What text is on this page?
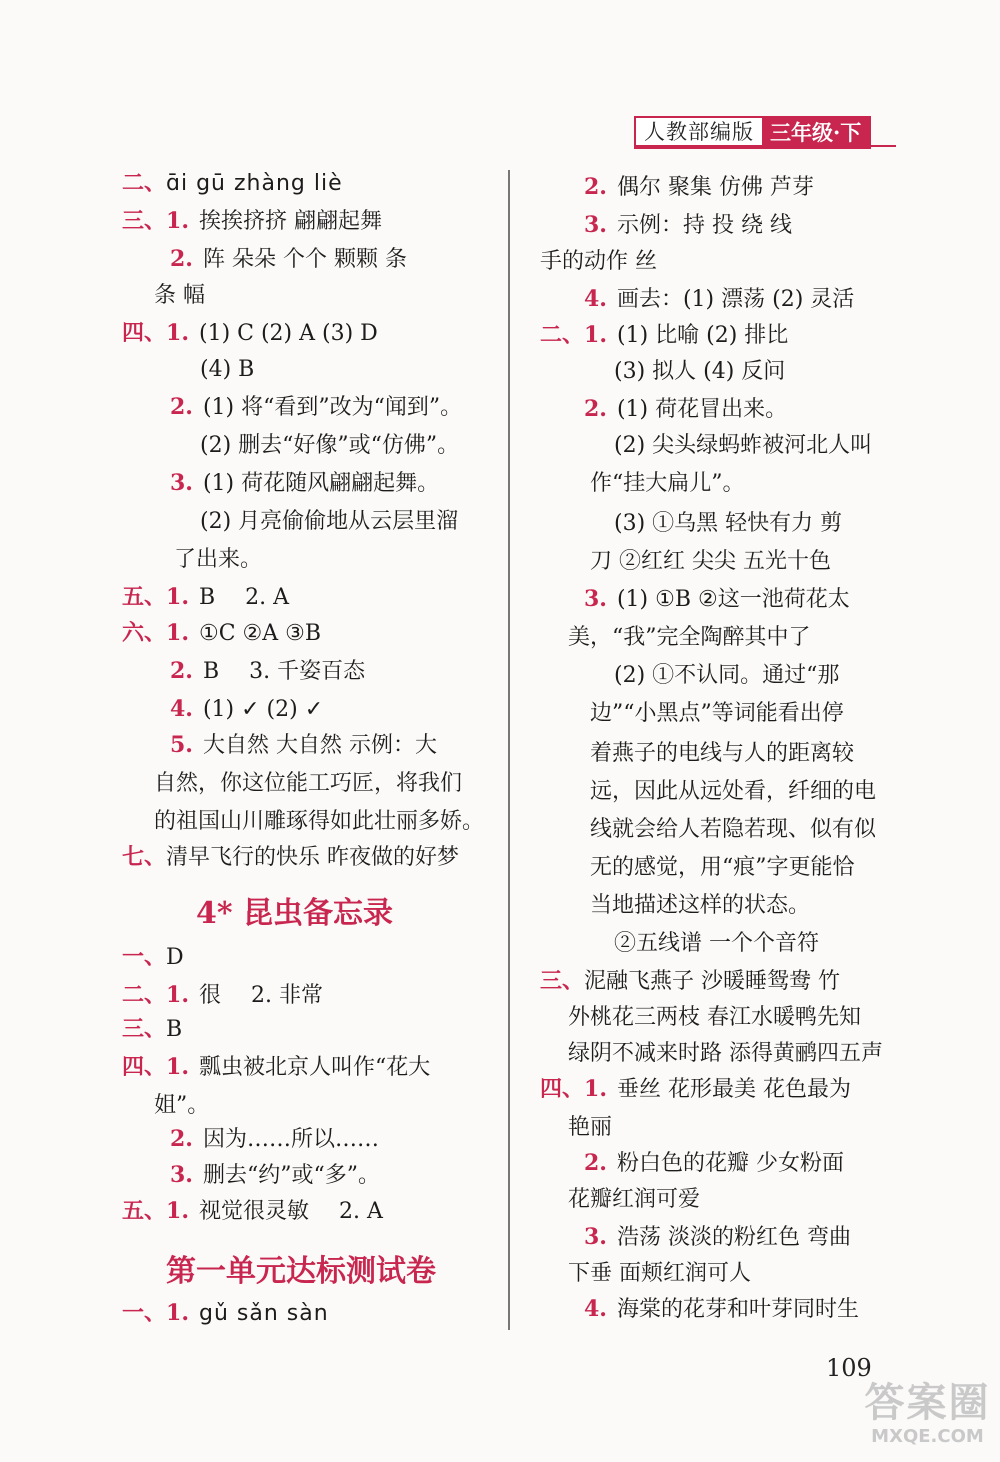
人教部编版 三年级·下
二、ɑ̄i gū zhàng liè
三、1. 挨挨挤挤 翩翩起舞
2. 阵 朵朵 个个 颗颗 条
条 幅
四、1. (1) C (2) A (3) D
(4) B
2. (1) 将“看到”改为“闻到”。
(2) 删去“好像”或“仿佛”。
3. (1) 荷花随风翩翩起舞。
(2) 月亮偷偷地从云层里溜
了出来。
五、1. B 2. A
六、1. ①C ②A ③B
2. B 3. 千姿百态
4. (1) ✓ (2) ✓
5. 大自然 大自然 示例：大
自然，你这位能工巧匠，将我们
的祖国山川雕琢得如此壮丽多娇。
七、清早飞行的快乐 昨夜做的好梦
一、D
二、1. 很 2. 非常
三、B
四、1. 瓢虫被北京人叫作“花大
姐”。
2. 因为……所以……
3. 删去“约”或“多”。
五、1. 视觉很灵敏 2. A
一、1. gǔ sǎn sàn
2. 偶尔 聚集 仿佛 芦芽
3. 示例：持 投 绕 线
手的动作 丝
4. 画去：(1) 漂荡 (2) 灵活
二、1. (1) 比喻 (2) 排比
(3) 拟人 (4) 反问
2. (1) 荷花冒出来。
(2) 尖头绿蚂蚱被河北人叫
作“挂大扁儿”。
(3) ①乌黑 轻快有力 剪
刀 ②红红 尖尖 五光十色
3. (1) ①B ②这一池荷花太
美，“我”完全陶醉其中了
(2) ①不认同。通过“那
边”“小黑点”等词能看出停
着燕子的电线与人的距离较
远，因此从远处看，纤细的电
线就会给人若隐若现、似有似
无的感觉，用“痕”字更能恰
当地描述这样的状态。
②五线谱 一个个音符
三、泥融飞燕子 沙暖睡鸳鸯 竹
外桃花三两枝 春江水暖鸭先知
绿阴不减来时路 添得黄鹂四五声
四、1. 垂丝 花形最美 花色最为
艳丽
2. 粉白色的花瓣 少女粉面
花瓣红润可爱
3. 浩荡 淡淡的粉红色 弯曲
下垂 面颊红润可人
4. 海棠的花芽和叶芽同时生
4* 昆虫备忘录
第一单元达标测试卷
109
答案圈
MXQE.COM
